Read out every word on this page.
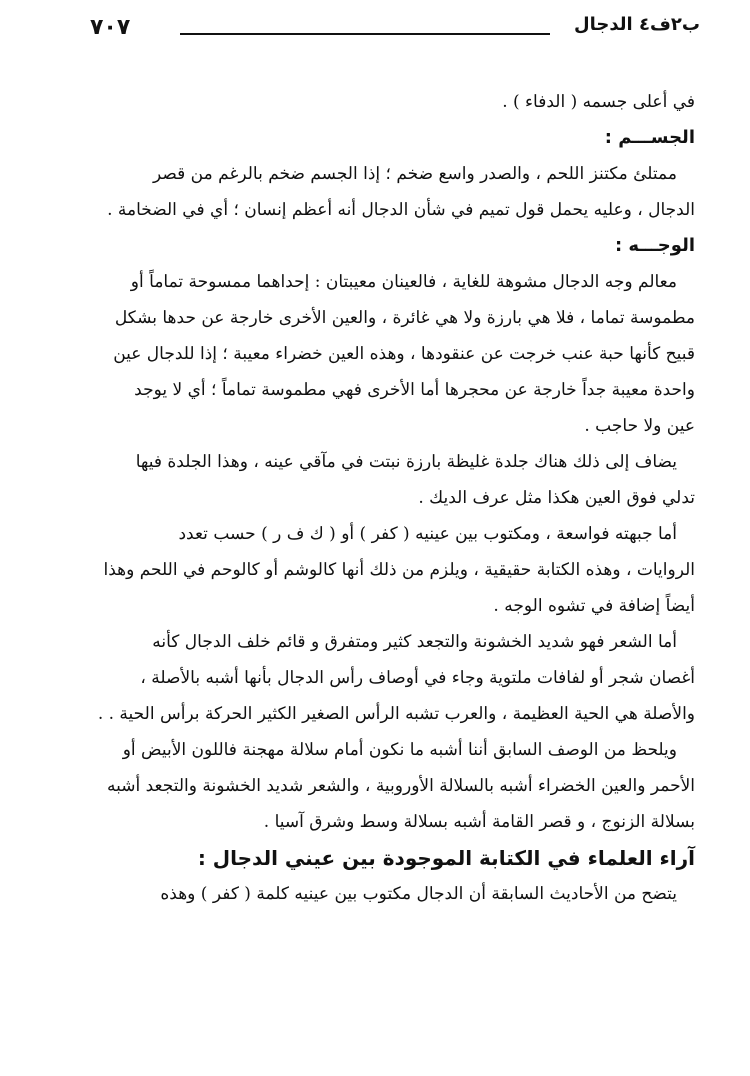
ب٢ف٤ الدجال
٧٠٧
في أعلى جسمه ( الدفاء ) .
الجســـم :
ممتلئ مكتنز اللحم ، والصدر واسع ضخم ؛ إذا الجسم ضخم بالرغم من قصر
الدجال ، وعليه يحمل قول تميم في شأن الدجال أنه أعظم إنسان ؛ أي في الضخامة .
الوجـــه :
معالم وجه الدجال مشوهة للغاية ، فالعينان معيبتان : إحداهما ممسوحة تماماً أو
مطموسة تماما ، فلا هي بارزة ولا هي غائرة ، والعين الأخرى خارجة عن حدها بشكل
قبيح كأنها حبة عنب خرجت عن عنقودها ، وهذه العين خضراء معيبة ؛ إذا للدجال عين
واحدة معيبة جداً خارجة عن محجرها أما الأخرى فهي مطموسة تماماً ؛ أي لا يوجد
عين ولا حاجب .
يضاف إلى ذلك هناك جلدة غليظة بارزة نبتت في مآقي عينه ، وهذا الجلدة فيها
تدلي فوق العين هكذا مثل عرف الديك .
أما جبهته فواسعة ، ومكتوب بين عينيه ( كفر ) أو ( ك ف ر ) حسب تعدد
الروايات ، وهذه الكتابة حقيقية ، ويلزم من ذلك أنها كالوشم أو كالوحم في اللحم وهذا
أيضاً إضافة في تشوه الوجه .
أما الشعر فهو شديد الخشونة والتجعد كثير ومتفرق و قائم خلف الدجال كأنه
أغصان شجر أو لفافات ملتوية وجاء في أوصاف رأس الدجال بأنها أشبه بالأصلة ،
والأصلة هي الحية العظيمة ، والعرب تشبه الرأس الصغير الكثير الحركة برأس الحية . .
ويلحظ من الوصف السابق أننا أشبه ما نكون أمام سلالة مهجنة فاللون الأبيض أو
الأحمر والعين الخضراء أشبه بالسلالة الأوروبية ، والشعر شديد الخشونة والتجعد أشبه
بسلالة الزنوج ، و قصر القامة أشبه بسلالة وسط وشرق آسيا .
آراء العلماء في الكتابة الموجودة بين عيني الدجال :
يتضح من الأحاديث السابقة أن الدجال مكتوب بين عينيه كلمة ( كفر ) وهذه
